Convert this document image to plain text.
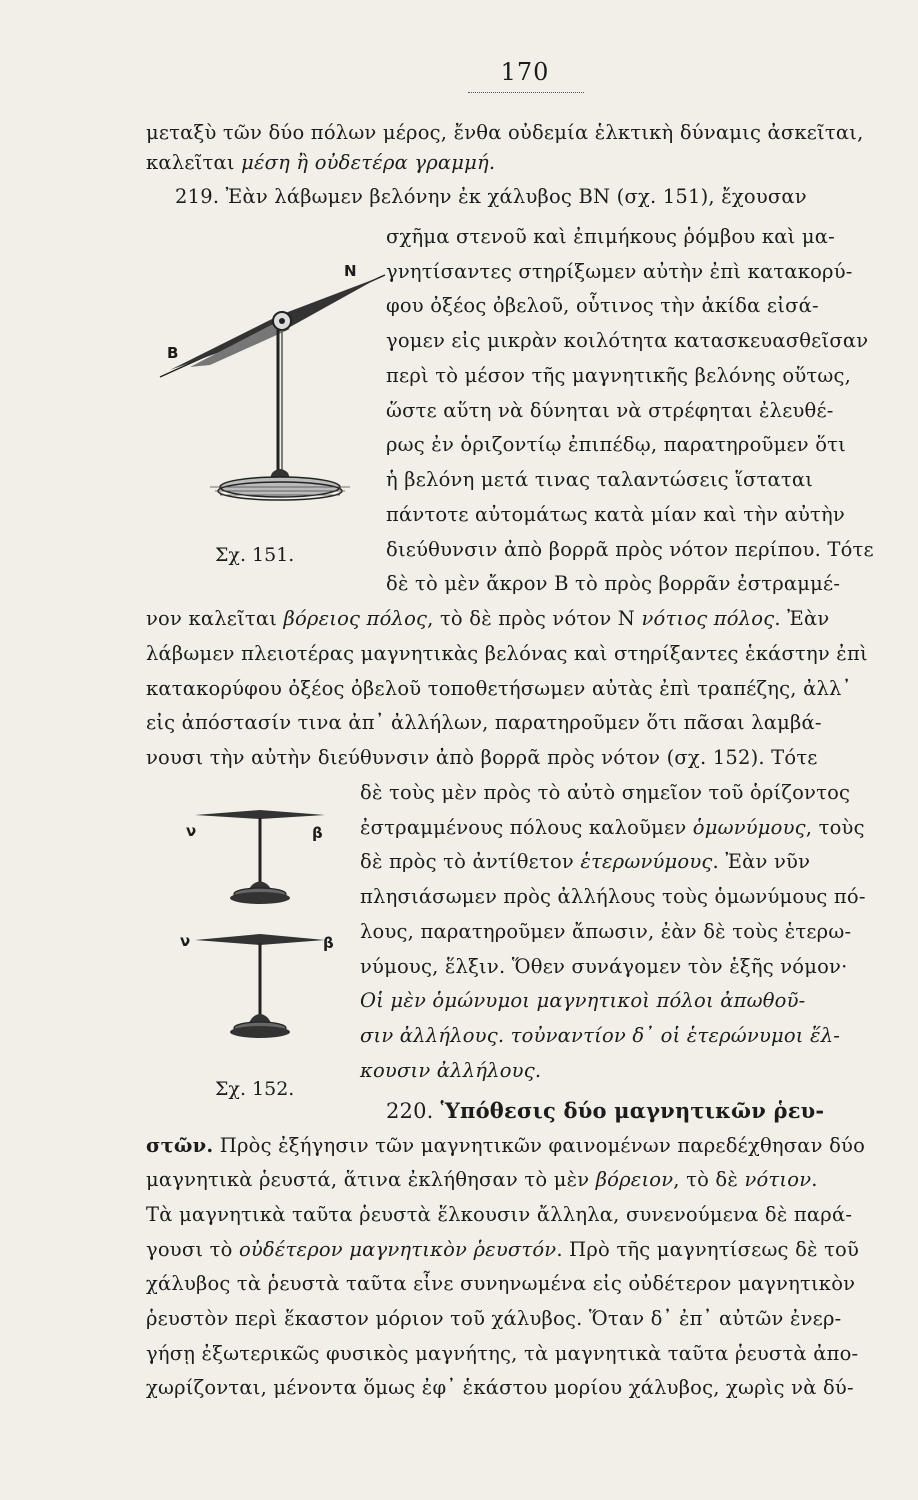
170
μεταξὺ τῶν δύο πόλων μέρος, ἔνθα οὐδεμία ἑλκτικὴ δύναμις ἀσκεῖται,
καλεῖται μέση ἢ οὐδετέρα γραμμή.
219. Ἐὰν λάβωμεν βελόνην ἐκ χάλυβος ΒΝ (σχ. 151), ἔχουσαν
σχῆμα στενοῦ καὶ ἐπιμήκους ῥόμβου καὶ μα-
γνητίσαντες στηρίξωμεν αὐτὴν ἐπὶ κατακορύ-
φου ὀξέος ὀβελοῦ, οὗτινος τὴν ἀκίδα εἰσά-
γομεν εἰς μικρὰν κοιλότητα κατασκευασθεῖσαν
περὶ τὸ μέσον τῆς μαγνητικῆς βελόνης οὕτως,
ὥστε αὕτη νὰ δύνηται νὰ στρέφηται ἐλευθέ-
ρως ἐν ὁριζοντίῳ ἐπιπέδῳ, παρατηροῦμεν ὅτι
ἡ βελόνη μετά τινας ταλαντώσεις ἵσταται
πάντοτε αὐτομάτως κατὰ μίαν καὶ τὴν αὐτὴν
διεύθυνσιν ἀπὸ βορρᾶ πρὸς νότον περίπου. Τότε
δὲ τὸ μὲν ἄκρον Β τὸ πρὸς βορρᾶν ἐστραμμέ-
N
B
Σχ. 151.
νον καλεῖται βόρειος πόλος, τὸ δὲ πρὸς νότον Ν νότιος πόλος. Ἐὰν
λάβωμεν πλειοτέρας μαγνητικὰς βελόνας καὶ στηρίξαντες ἑκάστην ἐπὶ
κατακορύφου ὀξέος ὀβελοῦ τοποθετήσωμεν αὐτὰς ἐπὶ τραπέζης, ἀλλ᾽
εἰς ἀπόστασίν τινα ἀπ᾽ ἀλλήλων, παρατηροῦμεν ὅτι πᾶσαι λαμβά-
νουσι τὴν αὐτὴν διεύθυνσιν ἀπὸ βορρᾶ πρὸς νότον (σχ. 152). Τότε
δὲ τοὺς μὲν πρὸς τὸ αὐτὸ σημεῖον τοῦ ὁρίζοντος
ἐστραμμένους πόλους καλοῦμεν ὁμωνύμους, τοὺς
δὲ πρὸς τὸ ἀντίθετον ἑτερωνύμους. Ἐὰν νῦν
πλησιάσωμεν πρὸς ἀλλήλους τοὺς ὁμωνύμους πό-
λους, παρατηροῦμεν ἄπωσιν, ἐὰν δὲ τοὺς ἑτερω-
νύμους, ἕλξιν. Ὅθεν συνάγομεν τὸν ἑξῆς νόμον·
Οἱ μὲν ὁμώνυμοι μαγνητικοὶ πόλοι ἀπωθοῦ-
σιν ἀλλήλους. τοὐναντίον δ᾽ οἱ ἑτερώνυμοι ἕλ-
κουσιν ἀλλήλους.
ν	β
ν	β
Σχ. 152.
220. Ὑπόθεσις δύο μαγνητικῶν ῥευ-
στῶν. Πρὸς ἐξήγησιν τῶν μαγνητικῶν φαινομένων παρεδέχθησαν δύο
μαγνητικὰ ῥευστά, ἅτινα ἐκλήθησαν τὸ μὲν βόρειον, τὸ δὲ νότιον.
Τὰ μαγνητικὰ ταῦτα ῥευστὰ ἕλκουσιν ἄλληλα, συνενούμενα δὲ παρά-
γουσι τὸ οὐδέτερον μαγνητικὸν ῥευστόν. Πρὸ τῆς μαγνητίσεως δὲ τοῦ
χάλυβος τὰ ῥευστὰ ταῦτα εἶνε συνηνωμένα εἰς οὐδέτερον μαγνητικὸν
ῥευστὸν περὶ ἕκαστον μόριον τοῦ χάλυβος. Ὅταν δ᾽ ἐπ᾽ αὐτῶν ἐνερ-
γήσῃ ἐξωτερικῶς φυσικὸς μαγνήτης, τὰ μαγνητικὰ ταῦτα ῥευστὰ ἀπο-
χωρίζονται, μένοντα ὅμως ἐφ᾽ ἑκάστου μορίου χάλυβος, χωρὶς νὰ δύ-
